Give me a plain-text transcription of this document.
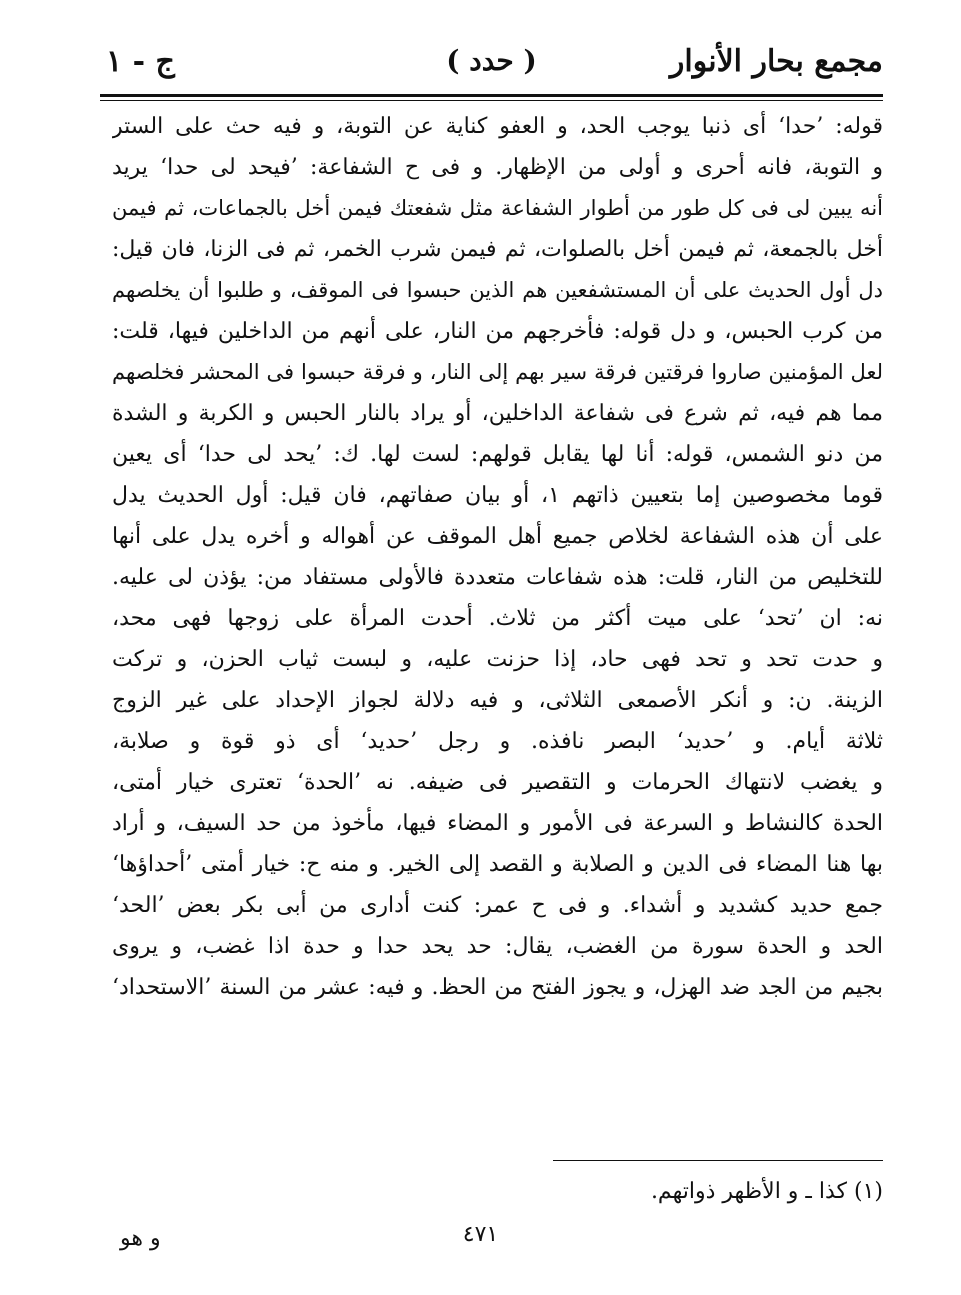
مجمع بحار الأنوار
( حدد )
ج - ١
قوله: ’حدا‘ أى ذنبا يوجب الحد، و العفو كناية عن التوبة، و فيه حث على الستر
و التوبة، فانه أحرى و أولى من الإظهار. و فى ح الشفاعة: ’فيحد لى حدا‘ يريد
أنه يبين لى فى كل طور من أطوار الشفاعة مثل شفعتك فيمن أخل بالجماعات، ثم فيمن
أخل بالجمعة، ثم فيمن أخل بالصلوات، ثم فيمن شرب الخمر، ثم فى الزنا، فان قيل:
دل أول الحديث على أن المستشفعين هم الذين حبسوا فى الموقف، و طلبوا أن يخلصهم
من كرب الحبس، و دل قوله: فأخرجهم من النار، على أنهم من الداخلين فيها، قلت:
لعل المؤمنين صاروا فرقتين فرقة سير بهم إلى النار، و فرقة حبسوا فى المحشر فخلصهم
مما هم فيه، ثم شرع فى شفاعة الداخلين، أو يراد بالنار الحبس و الكربة و الشدة
من دنو الشمس، قوله: أنا لها يقابل قولهم: لست لها. ك: ’يحد لى حدا‘ أى يعين
قوما مخصوصين إما بتعيين ذاتهم ١، أو بيان صفاتهم، فان قيل: أول الحديث يدل
على أن هذه الشفاعة لخلاص جميع أهل الموقف عن أهواله و أخره يدل على أنها
للتخليص من النار، قلت: هذه شفاعات متعددة فالأولى مستفاد من: يؤذن لى عليه.
نه: ان ’تحد‘ على ميت أكثر من ثلاث. أحدت المرأة على زوجها فهى محد،
و حدت تحد و تحد فهى حاد، إذا حزنت عليه، و لبست ثياب الحزن، و تركت
الزينة. ن: و أنكر الأصمعى الثلاثى، و فيه دلالة لجواز الإحداد على غير الزوج
ثلاثة أيام. و ’حديد‘ البصر نافذه. و رجل ’حديد‘ أى ذو قوة و صلابة،
و يغضب لانتهاك الحرمات و التقصير فى ضيفه. نه ’الحدة‘ تعترى خيار أمتى،
الحدة كالنشاط و السرعة فى الأمور و المضاء فيها، مأخوذ من حد السيف، و أراد
بها هنا المضاء فى الدين و الصلابة و القصد إلى الخير. و منه ح: خيار أمتى ’أحداؤها‘
جمع حديد كشديد و أشداء. و فى ح عمر: كنت أدارى من أبى بكر بعض ’الحد‘
الحد و الحدة سورة من الغضب، يقال: حد يحد حدا و حدة اذا غضب، و يروى
بجيم من الجد ضد الهزل، و يجوز الفتح من الحظ. و فيه: عشر من السنة ’الاستحداد‘
(١) كذا ـ و الأظهر ذواتهم.
٤٧١
و هو
